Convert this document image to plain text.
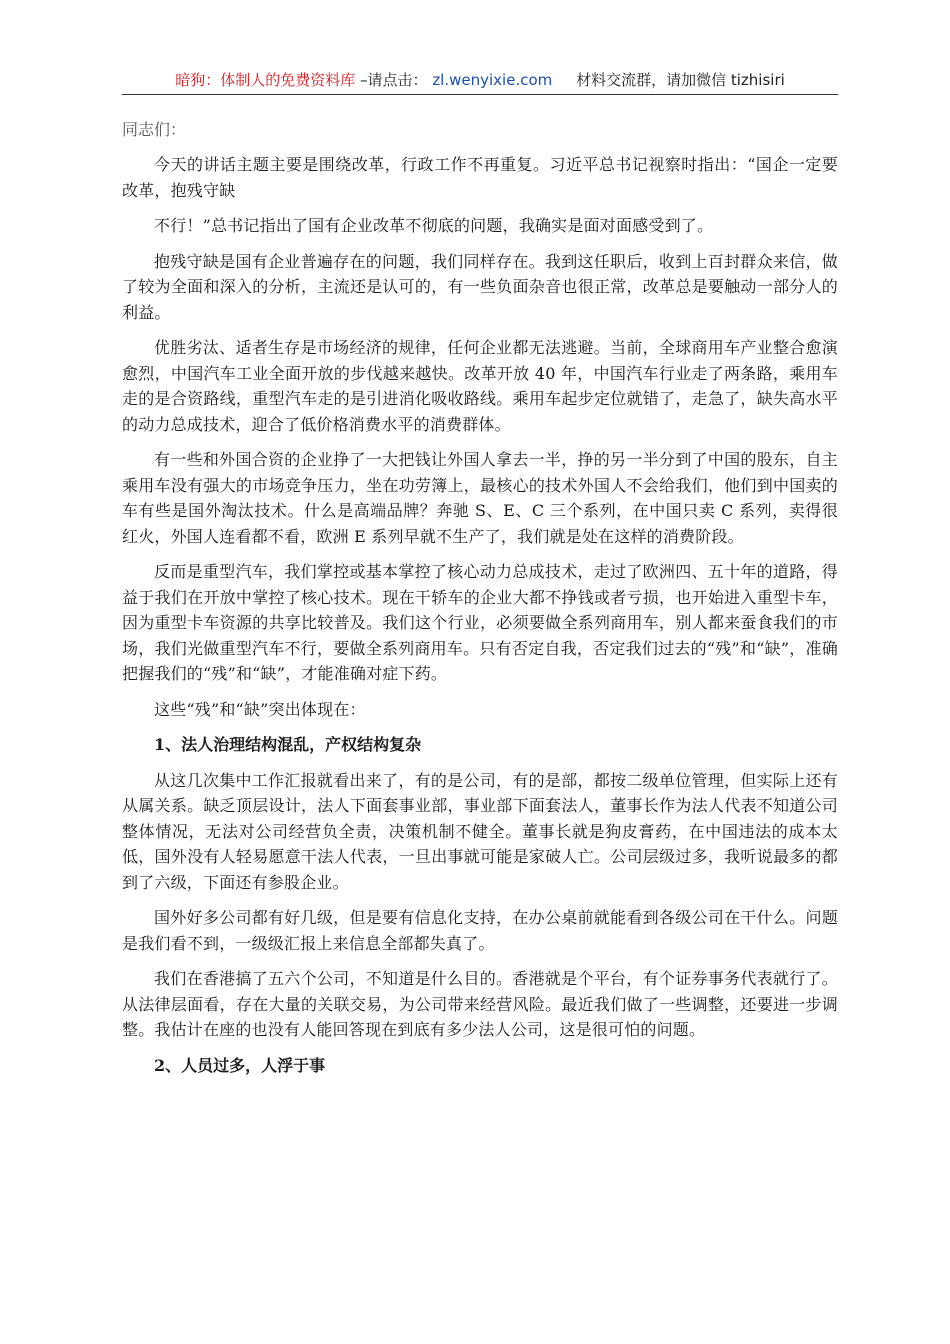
暗狗：体制人的免费资料库 –请点击： zl.wenyixie.com 材料交流群，请加微信 tizhisiri
同志们：

今天的讲话主题主要是围绕改革，行政工作不再重复。习近平总书记视察时指出：“国企一定要改革，抱残守缺

不行！”总书记指出了国有企业改革不彻底的问题，我确实是面对面感受到了。

抱残守缺是国有企业普遍存在的问题，我们同样存在。我到这任职后，收到上百封群众来信，做了较为全面和深入的分析，主流还是认可的，有一些负面杂音也很正常，改革总是要触动一部分人的利益。

优胜劣汰、适者生存是市场经济的规律，任何企业都无法逃避。当前，全球商用车产业整合愈演愈烈，中国汽车工业全面开放的步伐越来越快。改革开放 40 年，中国汽车行业走了两条路，乘用车走的是合资路线，重型汽车走的是引进消化吸收路线。乘用车起步定位就错了，走急了，缺失高水平的动力总成技术，迎合了低价格消费水平的消费群体。

有一些和外国合资的企业挣了一大把钱让外国人拿去一半，挣的另一半分到了中国的股东，自主乘用车没有强大的市场竞争压力，坐在功劳簿上，最核心的技术外国人不会给我们，他们到中国卖的车有些是国外淘汰技术。什么是高端品牌？奔驰 S、E、C 三个系列，在中国只卖 C 系列，卖得很红火，外国人连看都不看，欧洲 E 系列早就不生产了，我们就是处在这样的消费阶段。

反而是重型汽车，我们掌控或基本掌控了核心动力总成技术，走过了欧洲四、五十年的道路，得益于我们在开放中掌控了核心技术。现在干轿车的企业大都不挣钱或者亏损，也开始进入重型卡车，因为重型卡车资源的共享比较普及。我们这个行业，必须要做全系列商用车，别人都来蚕食我们的市场，我们光做重型汽车不行，要做全系列商用车。只有否定自我，否定我们过去的“残”和“缺”，准确把握我们的“残”和“缺”，才能准确对症下药。

这些“残”和“缺”突出体现在：

1、法人治理结构混乱，产权结构复杂

从这几次集中工作汇报就看出来了，有的是公司，有的是部，都按二级单位管理，但实际上还有从属关系。缺乏顶层设计，法人下面套事业部，事业部下面套法人，董事长作为法人代表不知道公司整体情况，无法对公司经营负全责，决策机制不健全。董事长就是狗皮膏药，在中国违法的成本太低，国外没有人轻易愿意干法人代表，一旦出事就可能是家破人亡。公司层级过多，我听说最多的都到了六级，下面还有参股企业。

国外好多公司都有好几级，但是要有信息化支持，在办公桌前就能看到各级公司在干什么。问题是我们看不到，一级级汇报上来信息全部都失真了。

我们在香港搞了五六个公司，不知道是什么目的。香港就是个平台，有个证券事务代表就行了。从法律层面看，存在大量的关联交易，为公司带来经营风险。最近我们做了一些调整，还要进一步调整。我估计在座的也没有人能回答现在到底有多少法人公司，这是很可怕的问题。

2、人员过多，人浮于事
